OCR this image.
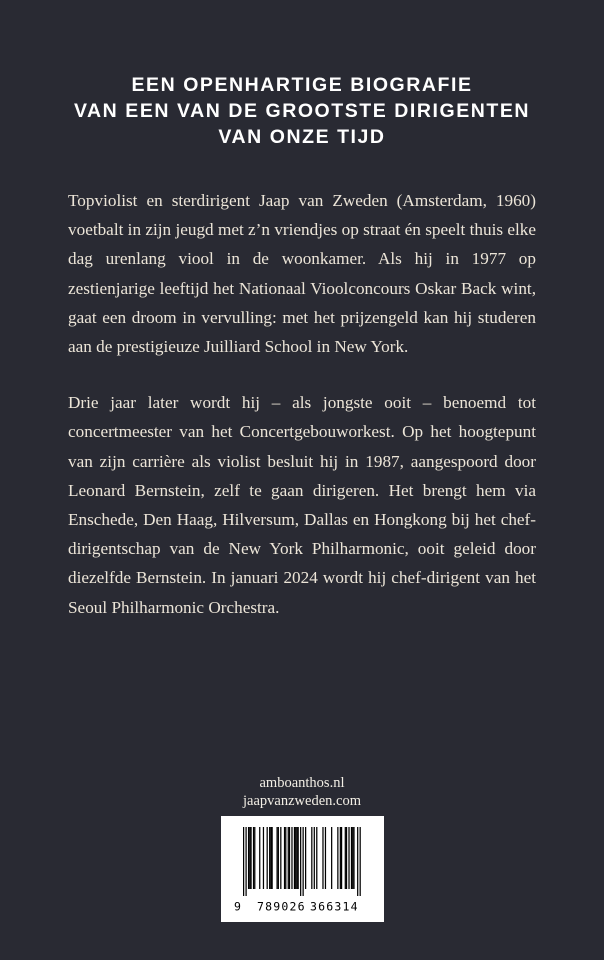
EEN OPENHARTIGE BIOGRAFIE
VAN EEN VAN DE GROOTSTE DIRIGENTEN
VAN ONZE TIJD

Topviolist en sterdirigent Jaap van Zweden (Amsterdam, 1960) voetbalt in zijn jeugd met z’n vriendjes op straat én speelt thuis elke dag urenlang viool in de woonkamer. Als hij in 1977 op zestienjarige leeftijd het Nationaal Vioolconcours Oskar Back wint, gaat een droom in vervulling: met het prijzengeld kan hij studeren aan de prestigieuze Juilliard School in New York.

Drie jaar later wordt hij – als jongste ooit – benoemd tot concertmeester van het Concertgebouworkest. Op het hoogtepunt van zijn carrière als violist besluit hij in 1987, aangespoord door Leonard Bernstein, zelf te gaan dirigeren. Het brengt hem via Enschede, Den Haag, Hilversum, Dallas en Hongkong bij het chef-dirigentschap van de New York Philharmonic, ooit geleid door diezelfde Bernstein. In januari 2024 wordt hij chef-dirigent van het Seoul Philharmonic Orchestra.

amboanthos.nl
jaapvanzweden.com
9 789026 366314
